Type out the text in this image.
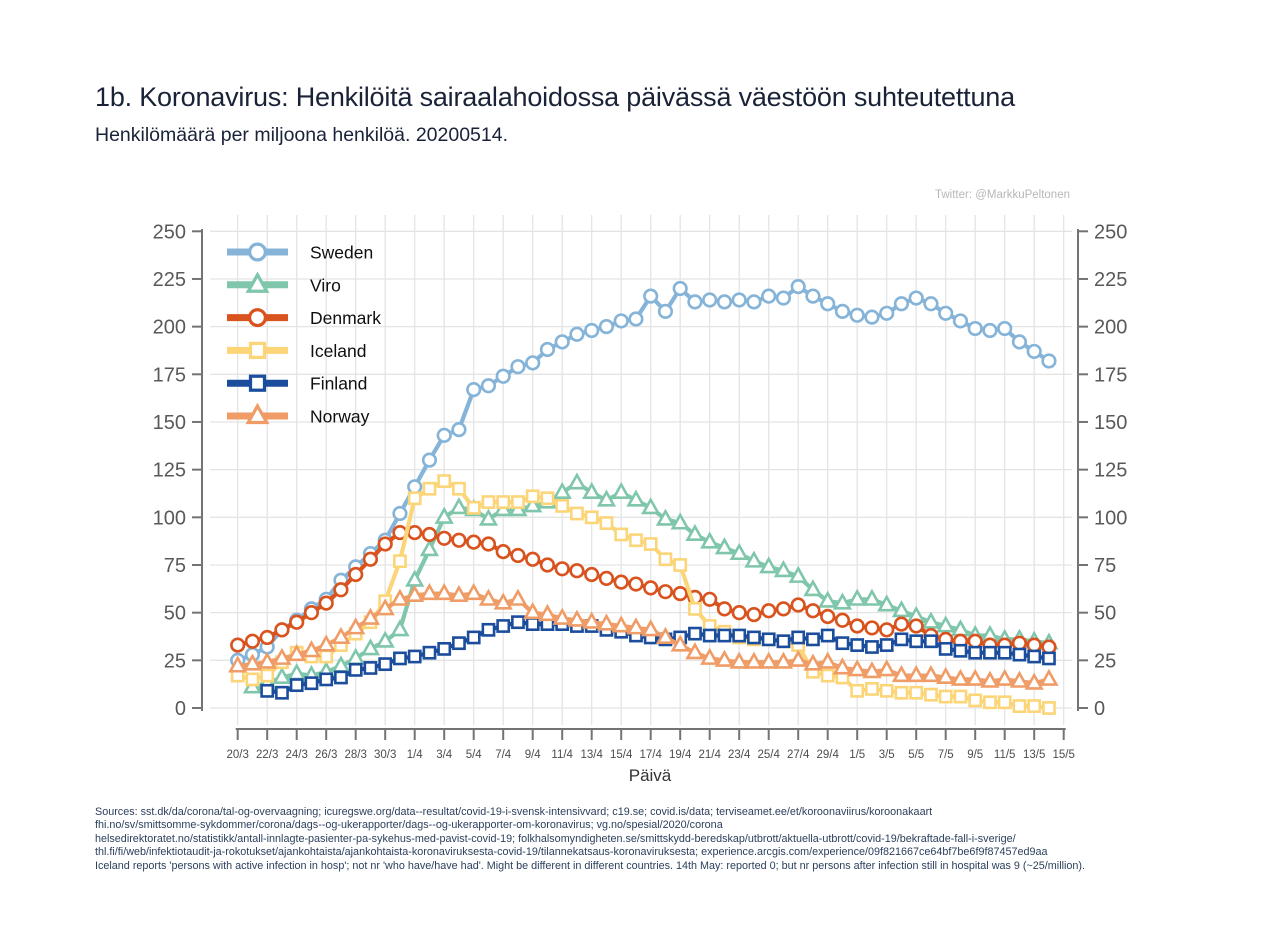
1b. Koronavirus: Henkilöitä sairaalahoidossa päivässä väestöön suhteutettuna
Henkilömäärä per miljoona henkilöä. 20200514.
Twitter: @MarkkuPeltonen
0
25
50
75
100
125
150
175
200
225
250
0
25
50
75
100
125
150
175
200
225
250
20/3 22/3 24/3 26/3 28/3 30/3 1/4 3/4 5/4 7/4 9/4 11/4 13/4 15/4 17/4 19/4 21/4 23/4 25/4 27/4 29/4 1/5 3/5 5/5 7/5 9/5 11/5 13/5 15/5
Päivä
Sweden
Viro
Denmark
Iceland
Finland
Norway
Sources: sst.dk/da/corona/tal-og-overvaagning; icuregswe.org/data--resultat/covid-19-i-svensk-intensivvard; c19.se; covid.is/data; terviseamet.ee/et/koroonaviirus/koroonakaart
fhi.no/sv/smittsomme-sykdommer/corona/dags--og-ukerapporter/dags--og-ukerapporter-om-koronavirus; vg.no/spesial/2020/corona
helsedirektoratet.no/statistikk/antall-innlagte-pasienter-pa-sykehus-med-pavist-covid-19; folkhalsomyndigheten.se/smittskydd-beredskap/utbrott/aktuella-utbrott/covid-19/bekraftade-fall-i-sverige/
thl.fi/fi/web/infektiotaudit-ja-rokotukset/ajankohtaista/ajankohtaista-koronaviruksesta-covid-19/tilannekatsaus-koronaviruksesta; experience.arcgis.com/experience/09f821667ce64bf7be6f9f87457ed9aa
Iceland reports 'persons with active infection in hosp'; not nr 'who have/have had'. Might be different in different countries. 14th May: reported 0; but nr persons after infection still in hospital was 9 (~25/million).
